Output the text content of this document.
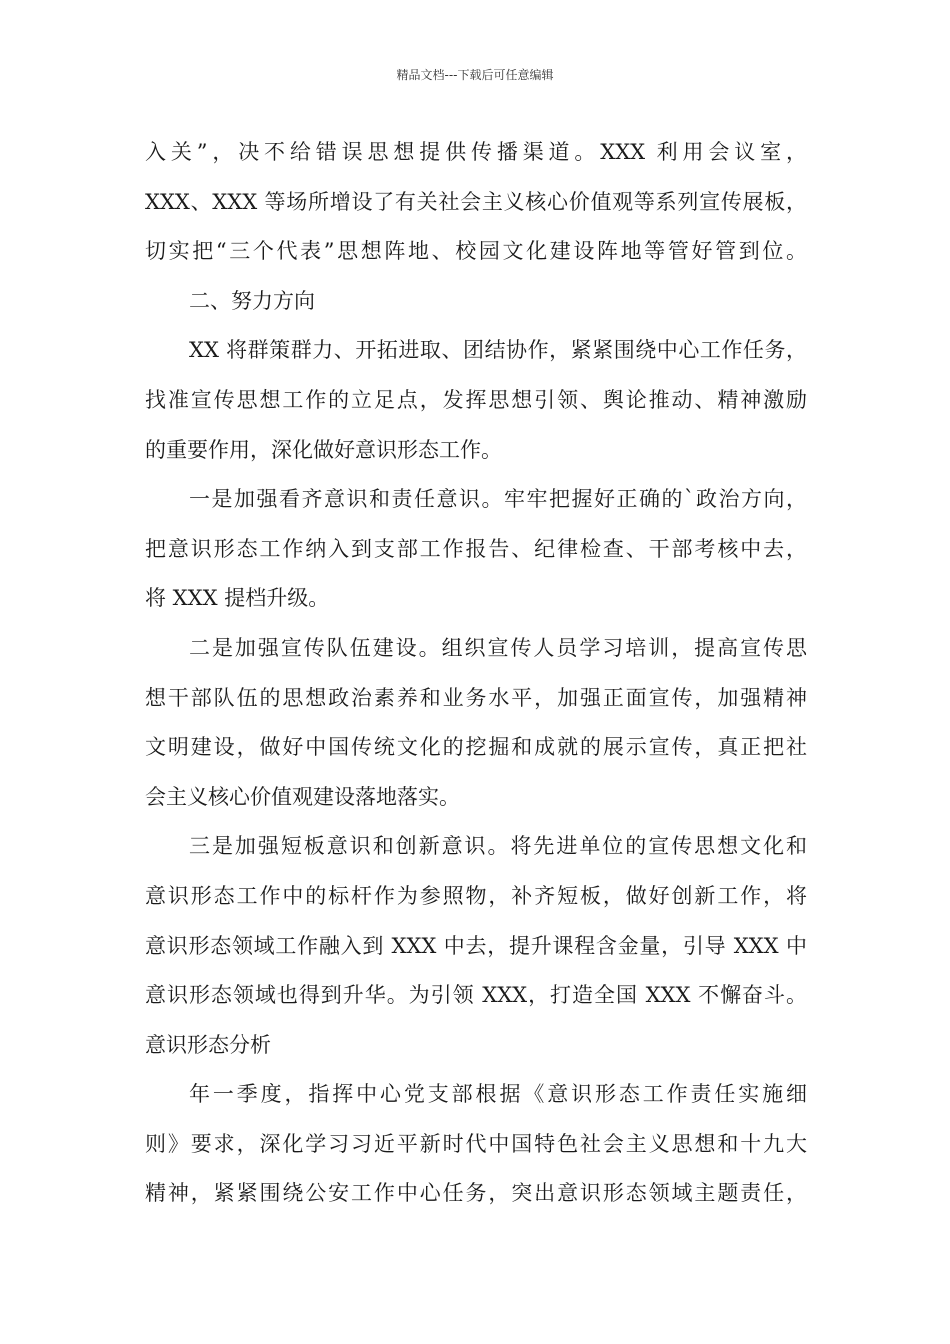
精品文档---下载后可任意编辑
入关”，决不给错误思想提供传播渠道。XXX 利用会议室，
XXX、XXX 等场所增设了有关社会主义核心价值观等系列宣传展板，
切实把“三个代表”思想阵地、校园文化建设阵地等管好管到位。
二、努力方向
XX 将群策群力、开拓进取、团结协作，紧紧围绕中心工作任务，
找准宣传思想工作的立足点，发挥思想引领、舆论推动、精神激励
的重要作用，深化做好意识形态工作。
一是加强看齐意识和责任意识。牢牢把握好正确的`政治方向，
把意识形态工作纳入到支部工作报告、纪律检查、干部考核中去，
将 XXX 提档升级。
二是加强宣传队伍建设。组织宣传人员学习培训，提高宣传思
想干部队伍的思想政治素养和业务水平，加强正面宣传，加强精神
文明建设，做好中国传统文化的挖掘和成就的展示宣传，真正把社
会主义核心价值观建设落地落实。
三是加强短板意识和创新意识。将先进单位的宣传思想文化和
意识形态工作中的标杆作为参照物，补齐短板，做好创新工作，将
意识形态领域工作融入到 XXX 中去，提升课程含金量，引导 XXX 中
意识形态领域也得到升华。为引领 XXX，打造全国 XXX 不懈奋斗。
意识形态分析
年一季度，指挥中心党支部根据《意识形态工作责任实施细
则》要求，深化学习习近平新时代中国特色社会主义思想和十九大
精神，紧紧围绕公安工作中心任务，突出意识形态领域主题责任，
